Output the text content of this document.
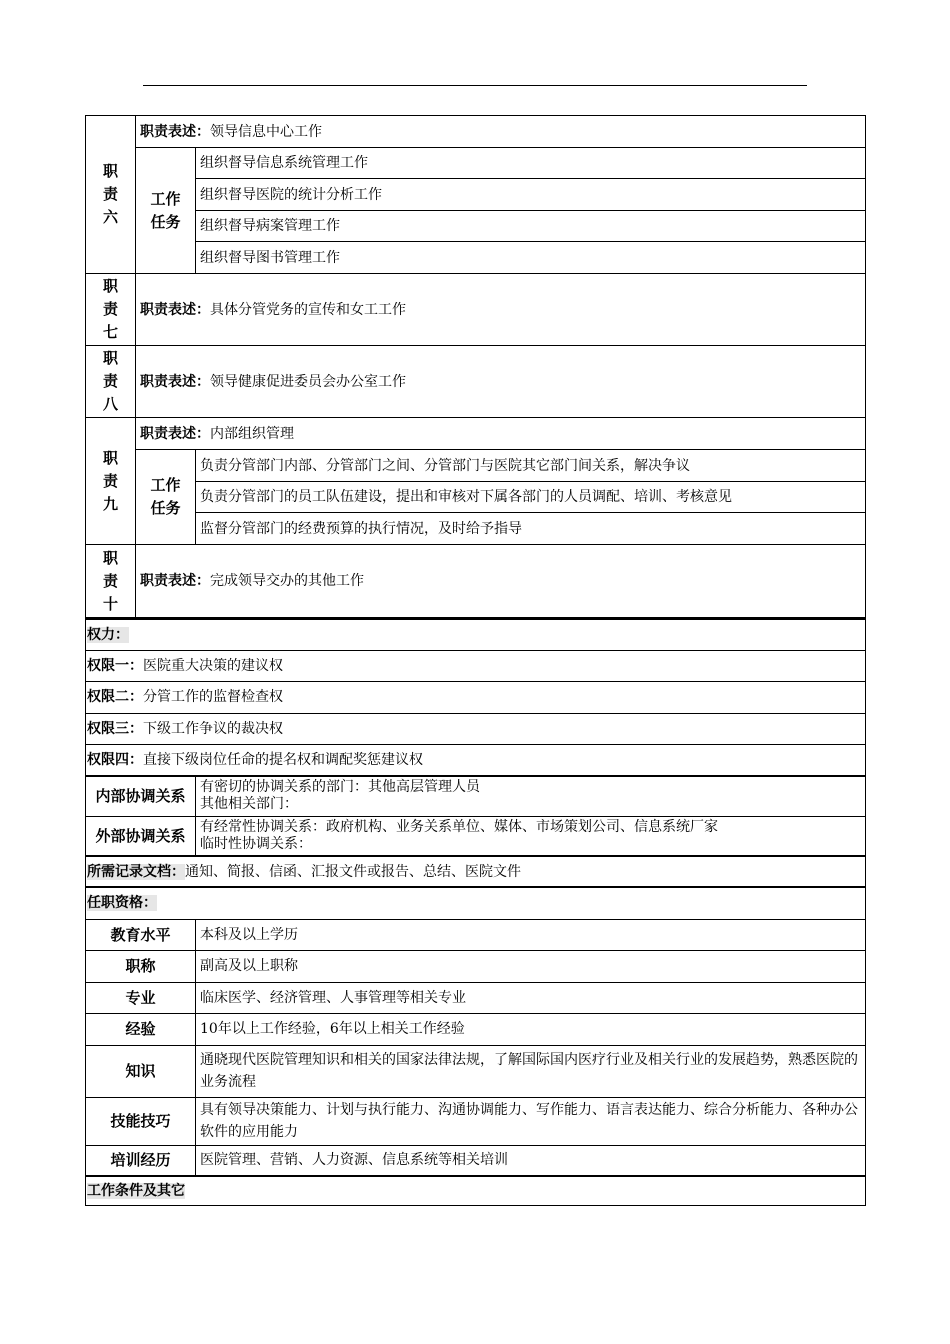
职
责
六	职责表述：领导信息中心工作	

	工作
任务	组织督导信息系统管理工作
		组织督导医院的统计分析工作
		组织督导病案管理工作
		组织督导图书管理工作

职
责
七	职责表述：具体分管党务的宣传和女工工作	

职
责
八	职责表述：领导健康促进委员会办公室工作	

职
责
九	职责表述：内部组织管理	

	工作
任务	负责分管部门内部、分管部门之间、分管部门与医院其它部门间关系，解决争议
		负责分管部门的员工队伍建设，提出和审核对下属各部门的人员调配、培训、考核意见
		监督分管部门的经费预算的执行情况，及时给予指导

职
责
十	职责表述：完成领导交办的其他工作	
权力：	
权限一：医院重大决策的建议权	
权限二：分管工作的监督检查权	
权限三：下级工作争议的裁决权	
权限四：直接下级岗位任命的提名权和调配奖惩建议权	
内部协调关系	有密切的协调关系的部门：其他高层管理人员
其他相关部门：

外部协调关系	有经常性协调关系：政府机构、业务关系单位、媒体、市场策划公司、信息系统厂家
临时性协调关系：

所需记录文档：通知、简报、信函、汇报文件或报告、总结、医院文件	
任职资格：	
教育水平	本科及以上学历
职称	副高及以上职称
专业	临床医学、经济管理、人事管理等相关专业
经验	10年以上工作经验，6年以上相关工作经验
知识	通晓现代医院管理知识和相关的国家法律法规，了解国际国内医疗行业及相关行业的发展趋势，熟悉医院的业务流程
技能技巧	具有领导决策能力、计划与执行能力、沟通协调能力、写作能力、语言表达能力、综合分析能力、各种办公软件的应用能力
培训经历	医院管理、营销、人力资源、信息系统等相关培训
工作条件及其它	
